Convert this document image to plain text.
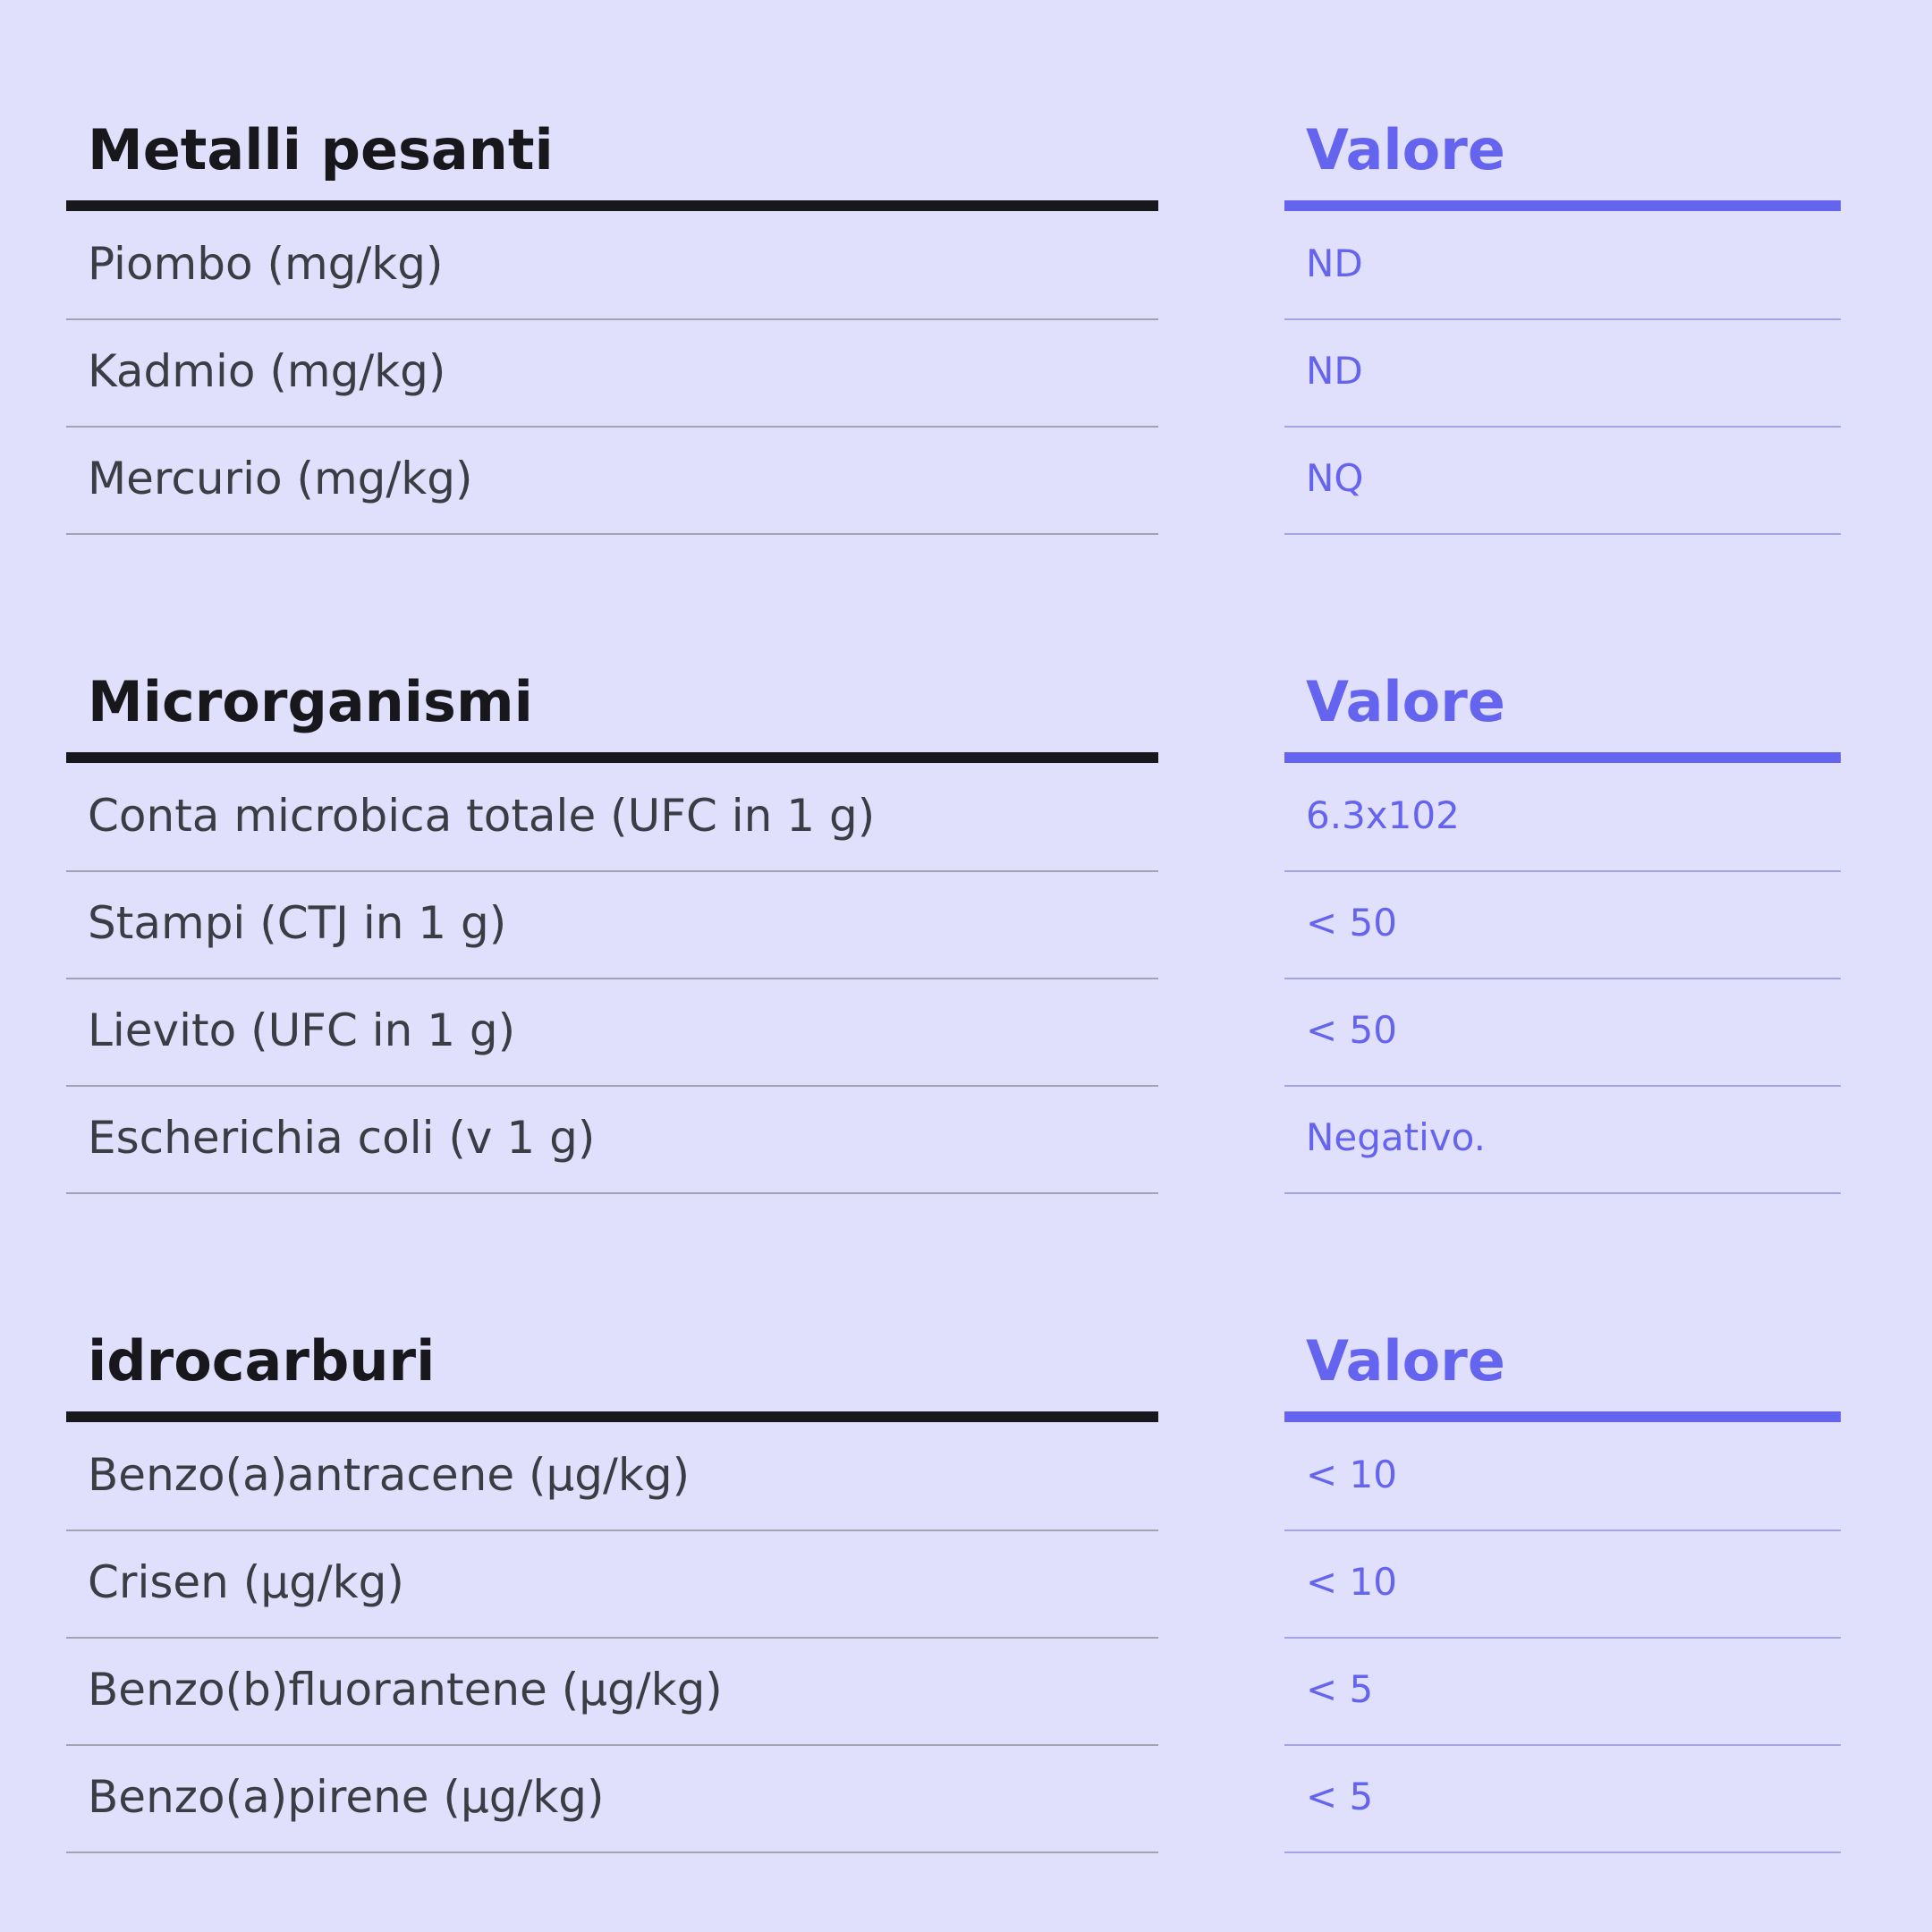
Metalli pesanti
Piombo (mg/kg)
Kadmio (mg/kg)
Mercurio (mg/kg)
Valore
ND
ND
NQ
Microrganismi
Conta microbica totale (UFC in 1 g)
Stampi (CTJ in 1 g)
Lievito (UFC in 1 g)
Escherichia coli (v 1 g)
Valore
6.3x102
< 50
< 50
Negativo.
idrocarburi
Benzo(a)antracene (µg/kg)
Crisen (µg/kg)
Benzo(b)fluorantene (µg/kg)
Benzo(a)pirene (µg/kg)
Valore
< 10
< 10
< 5
< 5
